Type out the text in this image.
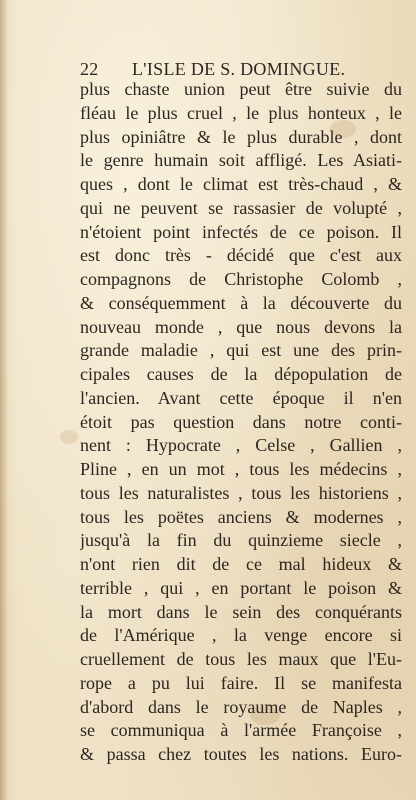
22 L'ISLE DE S. DOMINGUE.
plus chaste union peut être suivie du
fléau le plus cruel , le plus honteux , le
plus opiniâtre & le plus durable , dont
le genre humain soit affligé. Les Asiati-
ques , dont le climat est très-chaud , &
qui ne peuvent se rassasier de volupté ,
n'étoient point infectés de ce poison. Il
est donc très - décidé que c'est aux
compagnons de Christophe Colomb ,
& conséquemment à la découverte du
nouveau monde , que nous devons la
grande maladie , qui est une des prin-
cipales causes de la dépopulation de
l'ancien. Avant cette époque il n'en
étoit pas question dans notre conti-
nent : Hypocrate , Celse , Gallien ,
Pline , en un mot , tous les médecins ,
tous les naturalistes , tous les historiens ,
tous les poëtes anciens & modernes ,
jusqu'à la fin du quinzieme siecle ,
n'ont rien dit de ce mal hideux &
terrible , qui , en portant le poison &
la mort dans le sein des conquérants
de l'Amérique , la venge encore si
cruellement de tous les maux que l'Eu-
rope a pu lui faire. Il se manifesta
d'abord dans le royaume de Naples ,
se communiqua à l'armée Françoise ,
& passa chez toutes les nations. Euro-
